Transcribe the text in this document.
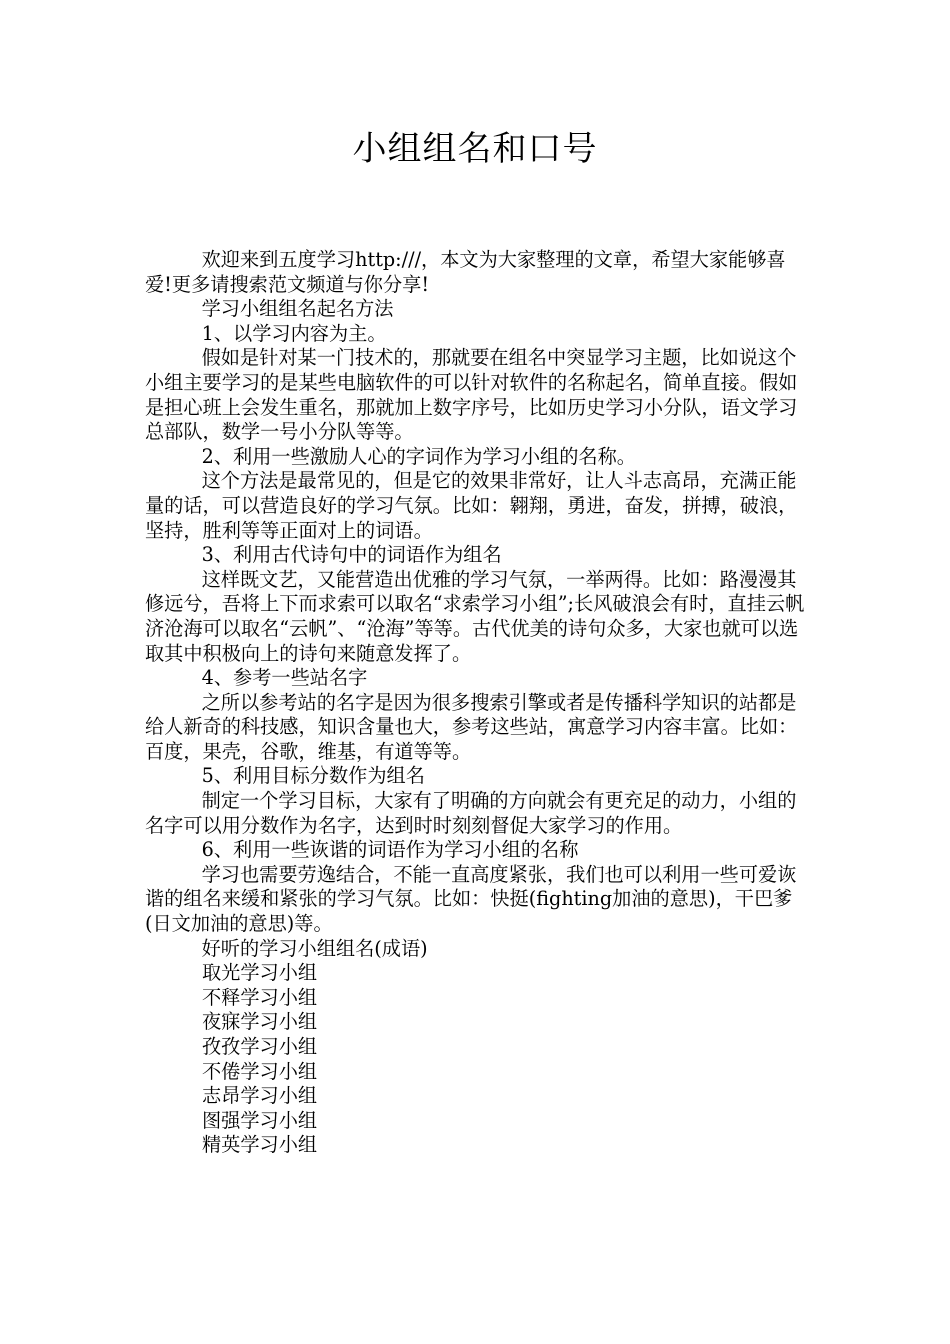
小组组名和口号

欢迎来到五度学习http:///，本文为大家整理的文章，希望大家能够喜爱!更多请搜索范文频道与你分享!

学习小组组名起名方法

1、以学习内容为主。

假如是针对某一门技术的，那就要在组名中突显学习主题，比如说这个小组主要学习的是某些电脑软件的可以针对软件的名称起名，简单直接。假如是担心班上会发生重名，那就加上数字序号，比如历史学习小分队，语文学习总部队，数学一号小分队等等。

2、利用一些激励人心的字词作为学习小组的名称。

这个方法是最常见的，但是它的效果非常好，让人斗志高昂，充满正能量的话，可以营造良好的学习气氛。比如：翱翔，勇进，奋发，拼搏，破浪，坚持，胜利等等正面对上的词语。

3、利用古代诗句中的词语作为组名

这样既文艺，又能营造出优雅的学习气氛，一举两得。比如：路漫漫其修远兮，吾将上下而求索可以取名“求索学习小组”;长风破浪会有时，直挂云帆济沧海可以取名“云帆”、“沧海”等等。古代优美的诗句众多，大家也就可以选取其中积极向上的诗句来随意发挥了。

4、参考一些站名字

之所以参考站的名字是因为很多搜索引擎或者是传播科学知识的站都是给人新奇的科技感，知识含量也大，参考这些站，寓意学习内容丰富。比如：百度，果壳，谷歌，维基，有道等等。

5、利用目标分数作为组名

制定一个学习目标，大家有了明确的方向就会有更充足的动力，小组的名字可以用分数作为名字，达到时时刻刻督促大家学习的作用。

6、利用一些诙谐的词语作为学习小组的名称

学习也需要劳逸结合，不能一直高度紧张，我们也可以利用一些可爱诙谐的组名来缓和紧张的学习气氛。比如：快挺(fighting加油的意思)，干巴爹(日文加油的意思)等。

好听的学习小组组名(成语)

取光学习小组

不释学习小组

夜寐学习小组

孜孜学习小组

不倦学习小组

志昂学习小组

图强学习小组

精英学习小组
